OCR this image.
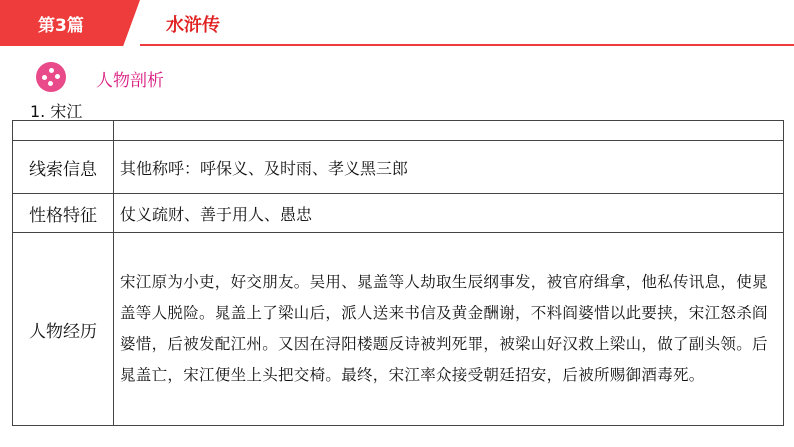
第3篇	水浒传
人物剖析
1. 宋江

线索信息	其他称呼：呼保义、及时雨、孝义黑三郎
性格特征	仗义疏财、善于用人、愚忠
人物经历	宋江原为小吏，好交朋友。吴用、晁盖等人劫取生辰纲事发，被官府缉拿，他私传讯息，使晁盖等人脱险。晁盖上了梁山后，派人送来书信及黄金酬谢，不料阎婆惜以此要挟，宋江怒杀阎婆惜，后被发配江州。又因在浔阳楼题反诗被判死罪，被梁山好汉救上梁山，做了副头领。后晁盖亡，宋江便坐上头把交椅。最终，宋江率众接受朝廷招安，后被所赐御酒毒死。
